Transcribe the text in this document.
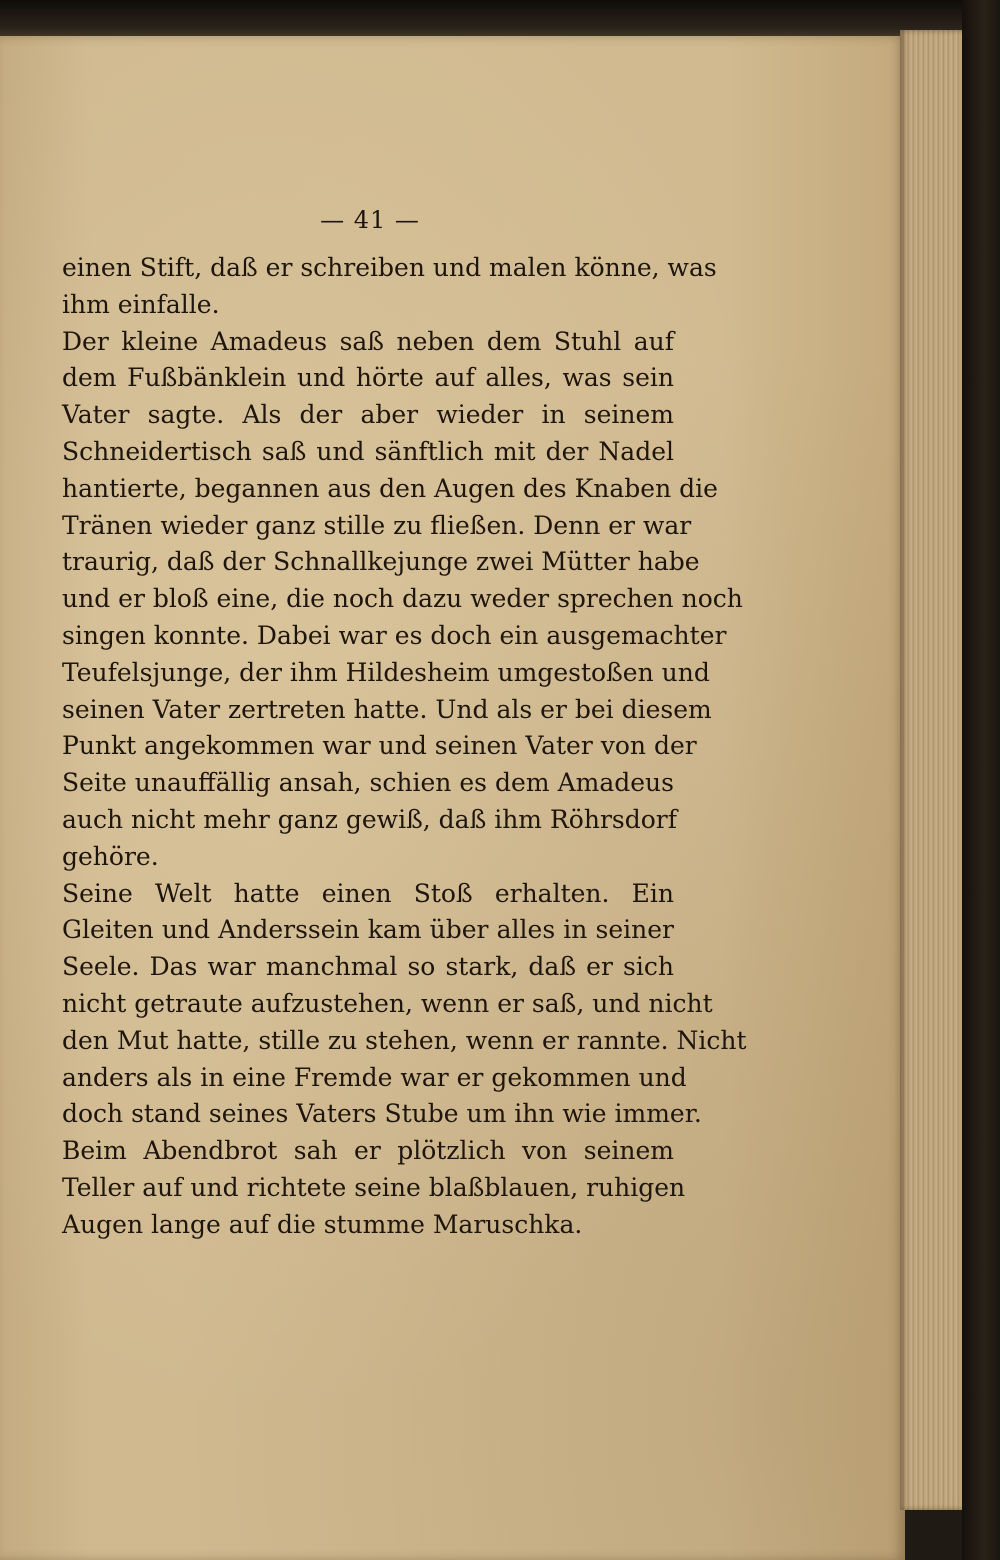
— 41 —
einen Stift, daß er schreiben und malen könne, was
ihm einfalle.
Der kleine Amadeus saß neben dem Stuhl auf
dem Fußbänklein und hörte auf alles, was sein
Vater sagte. Als der aber wieder in seinem
Schneidertisch saß und sänftlich mit der Nadel
hantierte, begannen aus den Augen des Knaben die
Tränen wieder ganz stille zu fließen. Denn er war
traurig, daß der Schnallkejunge zwei Mütter habe
und er bloß eine, die noch dazu weder sprechen noch
singen konnte. Dabei war es doch ein ausgemachter
Teufelsjunge, der ihm Hildesheim umgestoßen und
seinen Vater zertreten hatte. Und als er bei diesem
Punkt angekommen war und seinen Vater von der
Seite unauffällig ansah, schien es dem Amadeus
auch nicht mehr ganz gewiß, daß ihm Röhrsdorf
gehöre.
Seine Welt hatte einen Stoß erhalten. Ein
Gleiten und Anderssein kam über alles in seiner
Seele. Das war manchmal so stark, daß er sich
nicht getraute aufzustehen, wenn er saß, und nicht
den Mut hatte, stille zu stehen, wenn er rannte. Nicht
anders als in eine Fremde war er gekommen und
doch stand seines Vaters Stube um ihn wie immer.
Beim Abendbrot sah er plötzlich von seinem
Teller auf und richtete seine blaßblauen, ruhigen
Augen lange auf die stumme Maruschka.
